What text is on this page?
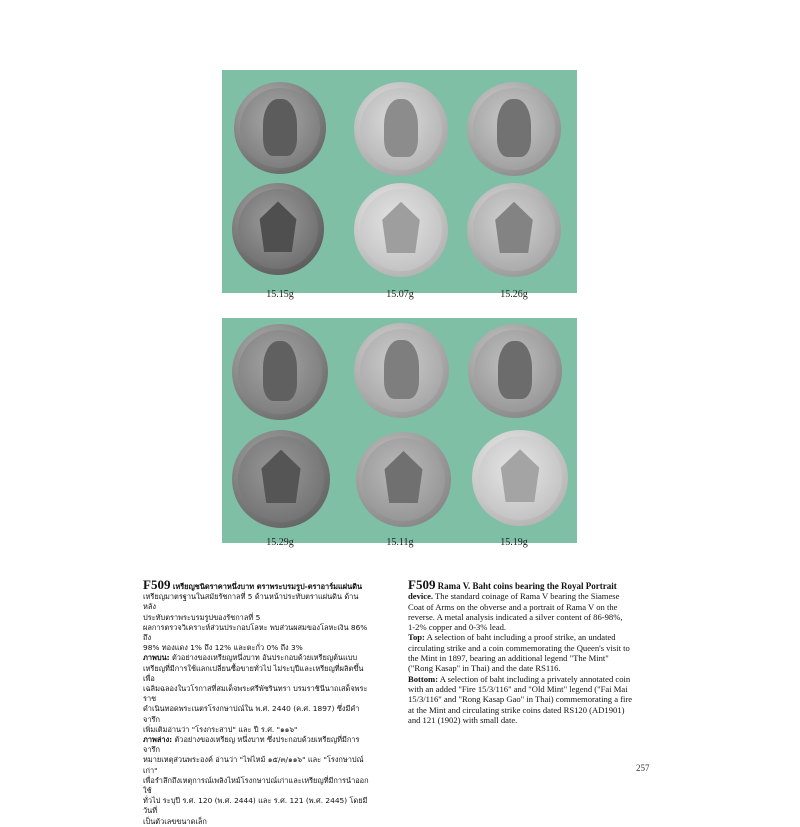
15.15g	15.07g	15.26g
15.29g	15.11g	15.19g
F509 เหรียญชนิดราคาหนึ่งบาท ตราพระบรมรูป-ตราอาร์มแผ่นดิน
เหรียญมาตรฐานในสมัยรัชกาลที่ 5 ด้านหน้าประทับตราแผ่นดิน ด้านหลัง
ประทับตราพระบรมรูปของรัชกาลที่ 5
ผลการตรวจวิเคราะห์ส่วนประกอบโลหะ พบส่วนผสมของโลหะเงิน 86% ถึง
98% ทองแดง 1% ถึง 12% และตะกั่ว 0% ถึง 3%
ภาพบน: ตัวอย่างของเหรียญหนึ่งบาท อันประกอบด้วยเหรียญต้นแบบ
เหรียญที่มีการใช้แลกเปลี่ยนซื้อขายทั่วไป ไม่ระบุปีและเหรียญที่ผลิตขึ้นเพื่อ
เฉลิมฉลองในวโรกาสที่สมเด็จพระศรีพัชรินทรา บรมราชินีนาถเสด็จพระราช
ดำเนินทอดพระเนตรโรงกษาปณ์ใน พ.ศ. 2440 (ค.ศ. 1897) ซึ่งมีคำจารึก
เพิ่มเติมอ่านว่า "โรงกระสาป" และ ปี ร.ศ. "๑๑๖"
ภาพล่าง: ตัวอย่างของเหรียญ หนึ่งบาท ซึ่งประกอบด้วยเหรียญที่มีการจารึก
หมายเหตุส่วนพระองค์ อ่านว่า "ไฟไหม้ ๑๕/๓/๑๑๖" และ "โรงกษาปณ์เก่า"
เพื่อรำลึกถึงเหตุการณ์เพลิงไหม้โรงกษาปณ์เก่าและเหรียญที่มีการนำออกใช้
ทั่วไป ระบุปี ร.ศ. 120 (พ.ศ. 2444) และ ร.ศ. 121 (พ.ศ. 2445) โดยมีวันที่
เป็นตัวเลขขนาดเล็ก
F509 Rama V. Baht coins bearing the Royal Portrait
device. The standard coinage of Rama V bearing the Siamese
Coat of Arms on the obverse and a portrait of Rama V on the
reverse. A metal analysis indicated a silver content of 86-98%,
1-2% copper and 0-3% lead.
Top: A selection of baht including a proof strike, an undated
circulating strike and a coin commemorating the Queen's visit to
the Mint in 1897, bearing an additional legend "The Mint"
("Rong Kasap" in Thai) and the date RS116.
Bottom: A selection of baht including a privately annotated coin
with an added "Fire 15/3/116" and "Old Mint" legend ("Fai Mai
15/3/116" and "Rong Kasap Gao" in Thai) commemorating a fire
at the Mint and circulating strike coins dated RS120 (AD1901)
and 121 (1902) with small date.
257
